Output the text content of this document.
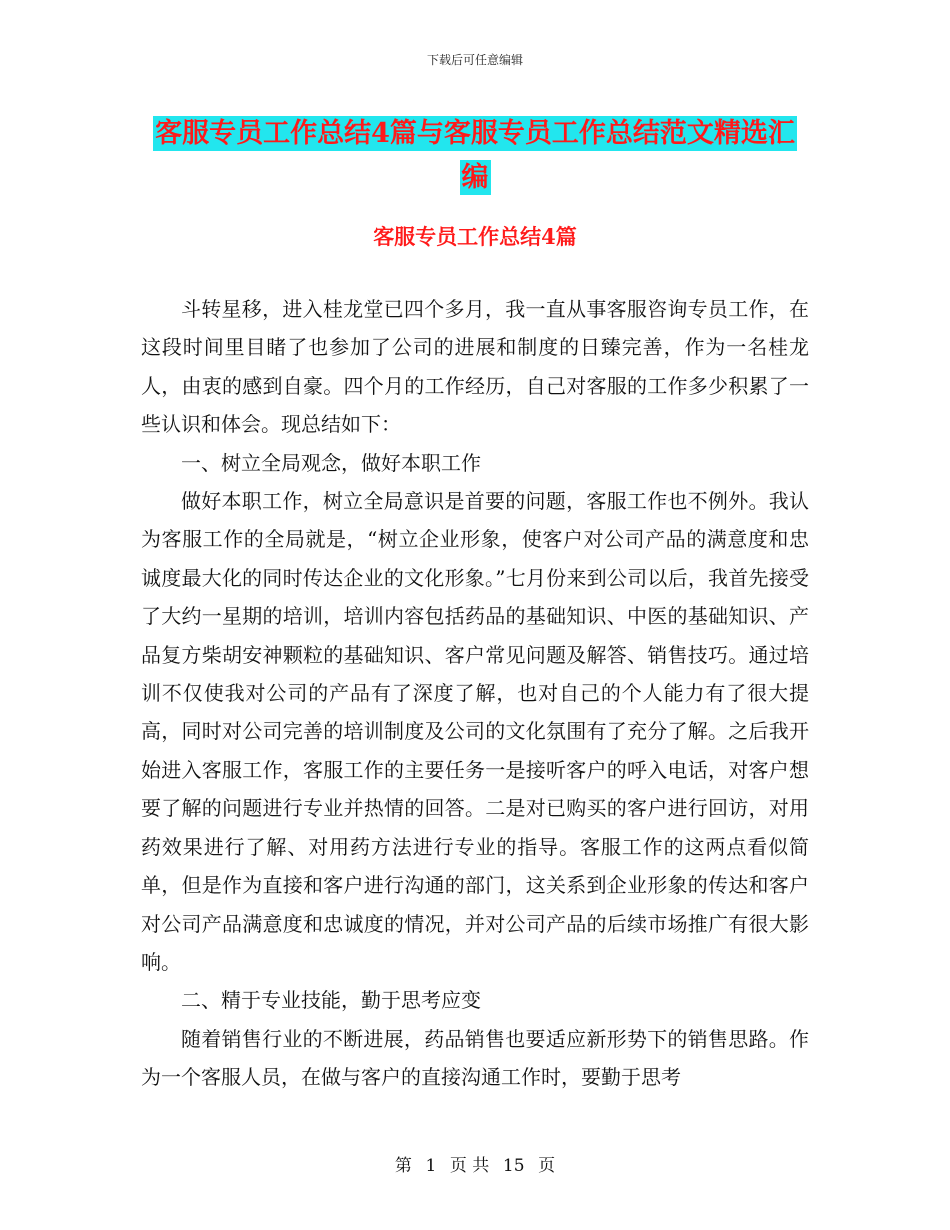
下载后可任意编辑
客服专员工作总结4篇与客服专员工作总结范文精选汇编
客服专员工作总结4篇

斗转星移，进入桂龙堂已四个多月，我一直从事客服咨询专员工作，在这段时间里目睹了也参加了公司的进展和制度的日臻完善，作为一名桂龙人，由衷的感到自豪。四个月的工作经历，自己对客服的工作多少积累了一些认识和体会。现总结如下：

一、树立全局观念，做好本职工作

做好本职工作，树立全局意识是首要的问题，客服工作也不例外。我认为客服工作的全局就是，“树立企业形象，使客户对公司产品的满意度和忠诚度最大化的同时传达企业的文化形象。”七月份来到公司以后，我首先接受了大约一星期的培训，培训内容包括药品的基础知识、中医的基础知识、产品复方柴胡安神颗粒的基础知识、客户常见问题及解答、销售技巧。通过培训不仅使我对公司的产品有了深度了解，也对自己的个人能力有了很大提高，同时对公司完善的培训制度及公司的文化氛围有了充分了解。之后我开始进入客服工作，客服工作的主要任务一是接听客户的呼入电话，对客户想要了解的问题进行专业并热情的回答。二是对已购买的客户进行回访，对用药效果进行了解、对用药方法进行专业的指导。客服工作的这两点看似简单，但是作为直接和客户进行沟通的部门，这关系到企业形象的传达和客户对公司产品满意度和忠诚度的情况，并对公司产品的后续市场推广有很大影响。

二、精于专业技能，勤于思考应变

随着销售行业的不断进展，药品销售也要适应新形势下的销售思路。作为一个客服人员，在做与客户的直接沟通工作时，要勤于思考

第 1 页 共 15 页
